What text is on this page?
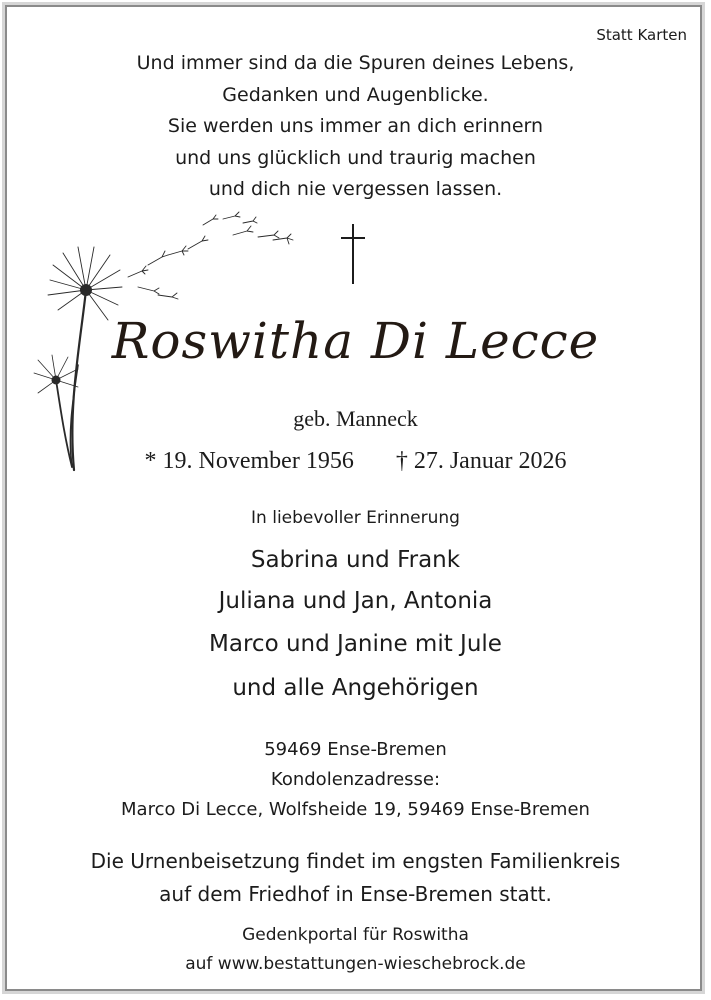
Statt Karten
Und immer sind da die Spuren deines Lebens,
Gedanken und Augenblicke.
Sie werden uns immer an dich erinnern
und uns glücklich und traurig machen
und dich nie vergessen lassen.
Roswitha Di Lecce
geb. Manneck
* 19. November 1956 † 27. Januar 2026
In liebevoller Erinnerung
Sabrina und Frank
Juliana und Jan, Antonia
Marco und Janine mit Jule
und alle Angehörigen
59469 Ense-Bremen
Kondolenzadresse:
Marco Di Lecce, Wolfsheide 19, 59469 Ense-Bremen
Die Urnenbeisetzung findet im engsten Familienkreis
auf dem Friedhof in Ense-Bremen statt.
Gedenkportal für Roswitha
auf www.bestattungen-wieschebrock.de
